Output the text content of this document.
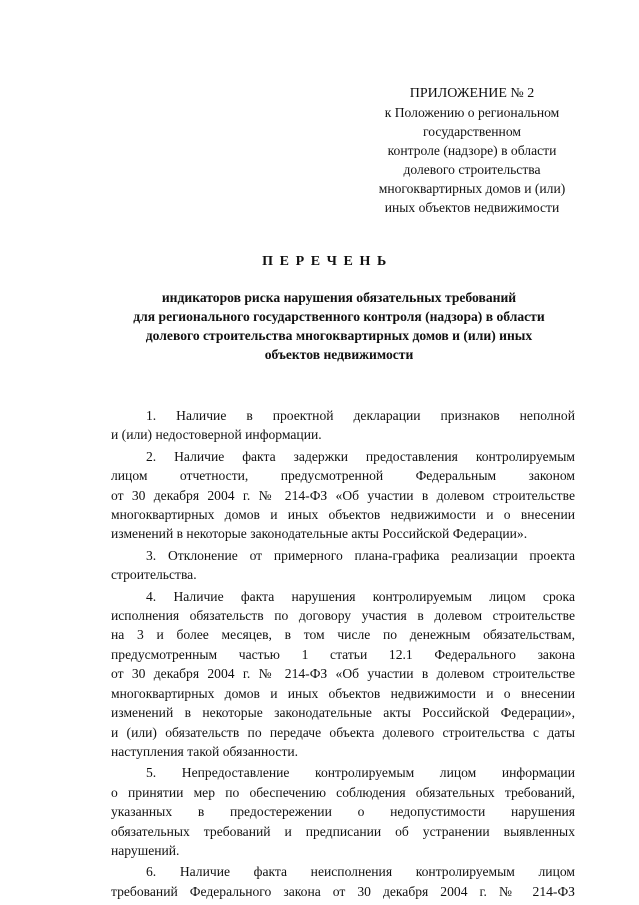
ПРИЛОЖЕНИЕ № 2
к Положению о региональном
государственном
контроле (надзоре) в области
долевого строительства
многоквартирных домов и (или)
иных объектов недвижимости
ПЕРЕЧЕНЬ
индикаторов риска нарушения обязательных требований
для регионального государственного контроля (надзора) в области
долевого строительства многоквартирных домов и (или) иных
объектов недвижимости
1. Наличие в проектной декларации признаков неполной
и (или) недостоверной информации.
2. Наличие факта задержки предоставления контролируемым
лицом отчетности, предусмотренной Федеральным законом
от 30 декабря 2004 г. № 214-ФЗ «Об участии в долевом строительстве
многоквартирных домов и иных объектов недвижимости и о внесении
изменений в некоторые законодательные акты Российской Федерации».
3. Отклонение от примерного плана-графика реализации проекта
строительства.
4. Наличие факта нарушения контролируемым лицом срока
исполнения обязательств по договору участия в долевом строительстве
на 3 и более месяцев, в том числе по денежным обязательствам,
предусмотренным частью 1 статьи 12.1 Федерального закона
от 30 декабря 2004 г. № 214-ФЗ «Об участии в долевом строительстве
многоквартирных домов и иных объектов недвижимости и о внесении
изменений в некоторые законодательные акты Российской Федерации»,
и (или) обязательств по передаче объекта долевого строительства с даты
наступления такой обязанности.
5. Непредоставление контролируемым лицом информации
о принятии мер по обеспечению соблюдения обязательных требований,
указанных в предостережении о недопустимости нарушения
обязательных требований и предписании об устранении выявленных
нарушений.
6. Наличие факта неисполнения контролируемым лицом
требований Федерального закона от 30 декабря 2004 г. № 214-ФЗ
